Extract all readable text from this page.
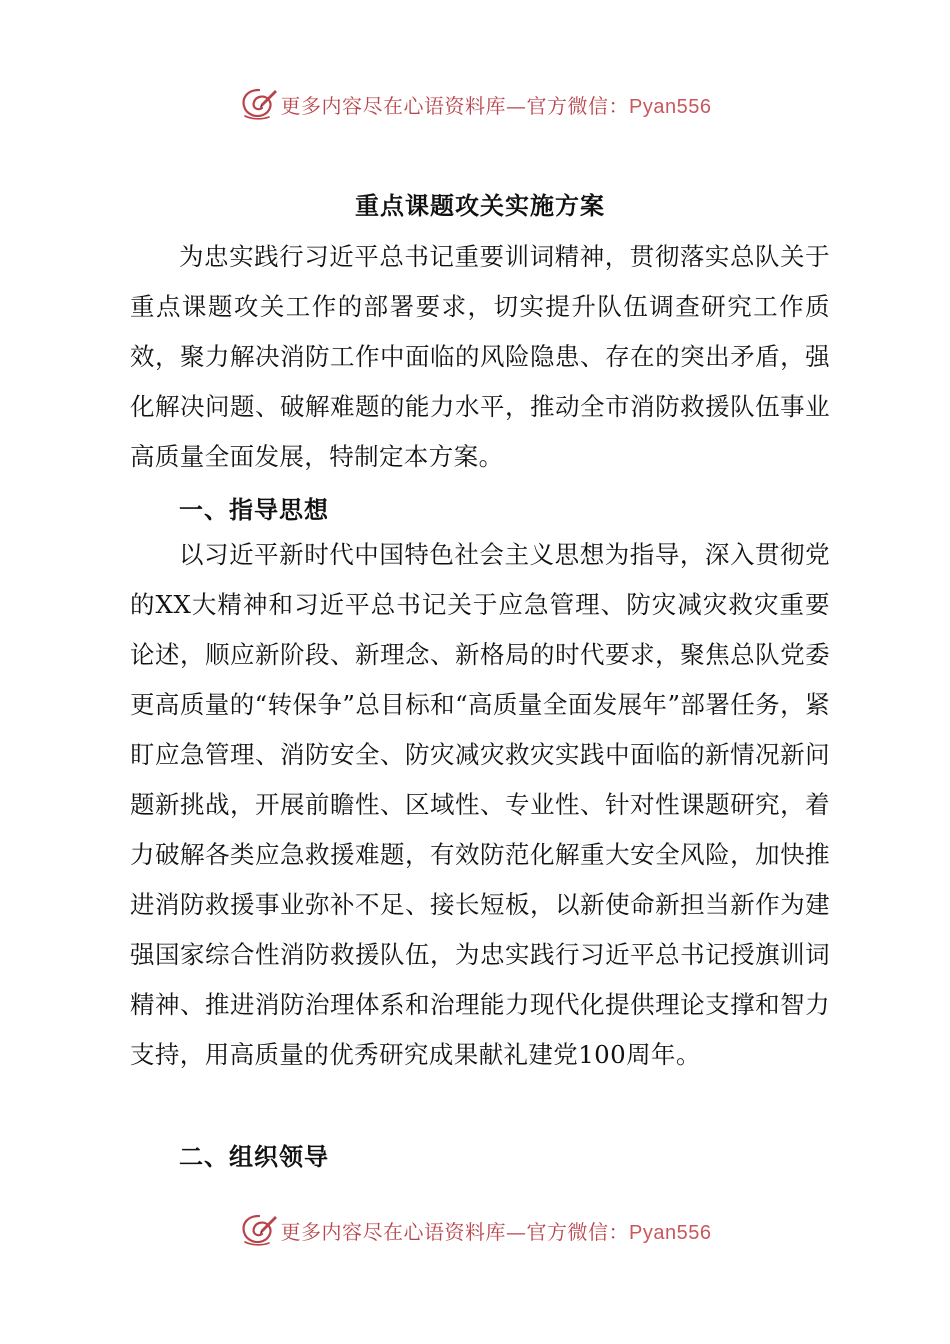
更多内容尽在心语资料库—官方微信：Pyan556
重点课题攻关实施方案

为忠实践行习近平总书记重要训词精神，贯彻落实总队关于重点课题攻关工作的部署要求，切实提升队伍调查研究工作质效，聚力解决消防工作中面临的风险隐患、存在的突出矛盾，强化解决问题、破解难题的能力水平，推动全市消防救援队伍事业高质量全面发展，特制定本方案。

一、指导思想

以习近平新时代中国特色社会主义思想为指导，深入贯彻党的XX大精神和习近平总书记关于应急管理、防灾减灾救灾重要论述，顺应新阶段、新理念、新格局的时代要求，聚焦总队党委更高质量的“转保争”总目标和“高质量全面发展年”部署任务，紧盯应急管理、消防安全、防灾减灾救灾实践中面临的新情况新问题新挑战，开展前瞻性、区域性、专业性、针对性课题研究，着力破解各类应急救援难题，有效防范化解重大安全风险，加快推进消防救援事业弥补不足、接长短板，以新使命新担当新作为建强国家综合性消防救援队伍，为忠实践行习近平总书记授旗训词精神、推进消防治理体系和治理能力现代化提供理论支撑和智力支持，用高质量的优秀研究成果献礼建党100周年。

二、组织领导
更多内容尽在心语资料库—官方微信：Pyan556
